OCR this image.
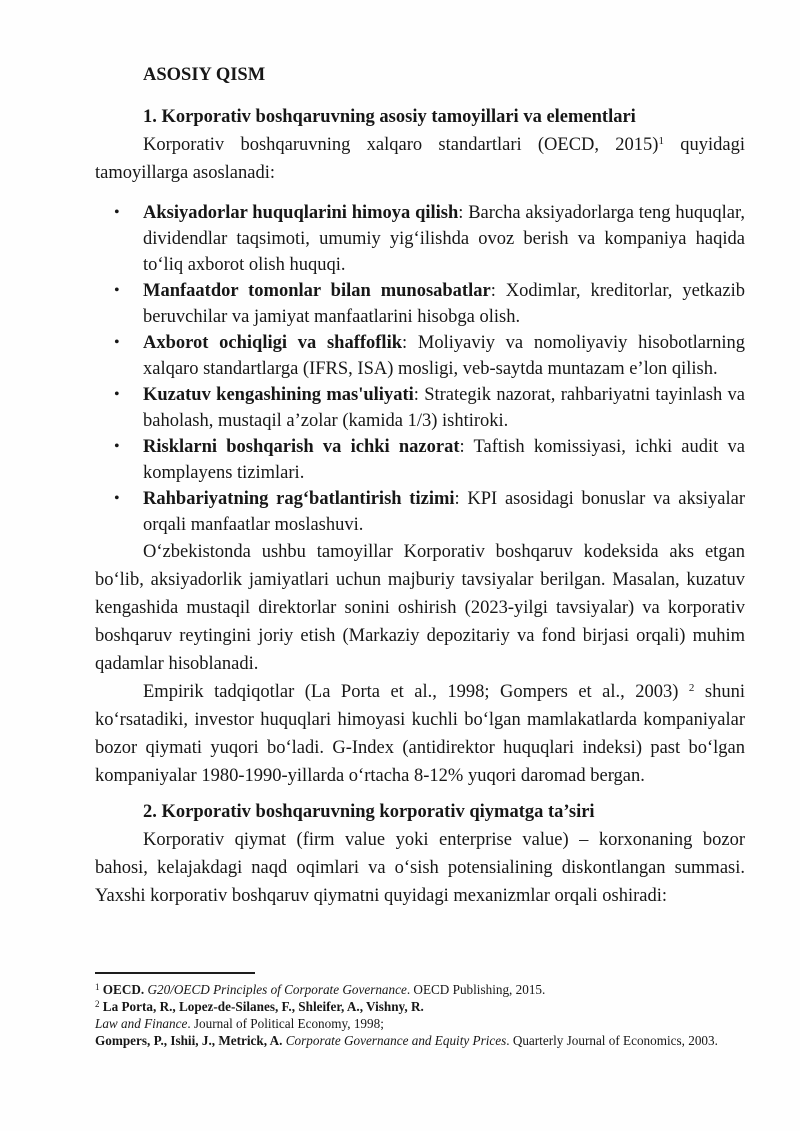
ASOSIY QISM
1. Korporativ boshqaruvning asosiy tamoyillari va elementlari

Korporativ boshqaruvning xalqaro standartlari (OECD, 2015)$^1$ quyidagi tamoyillarga asoslanadi:

• Aksiyadorlar huquqlarini himoya qilish: Barcha aksiyadorlarga teng huquqlar, dividendlar taqsimoti, umumiy yigʻilishda ovoz berish va kompaniya haqida toʻliq axborot olish huquqi.
• Manfaatdor tomonlar bilan munosabatlar: Xodimlar, kreditorlar, yetkazib beruvchilar va jamiyat manfaatlarini hisobga olish.
• Axborot ochiqligi va shaffoflik: Moliyaviy va nomoliyaviy hisobotlarning xalqaro standartlarga (IFRS, ISA) mosligi, veb-saytda muntazam e’lon qilish.
• Kuzatuv kengashining mas'uliyati: Strategik nazorat, rahbariyatni tayinlash va baholash, mustaqil a’zolar (kamida 1/3) ishtiroki.
• Risklarni boshqarish va ichki nazorat: Taftish komissiyasi, ichki audit va komplayens tizimlari.
• Rahbariyatning ragʻbatlantirish tizimi: KPI asosidagi bonuslar va aksiyalar orqali manfaatlar moslashuvi.

Oʻzbekistonda ushbu tamoyillar Korporativ boshqaruv kodeksida aks etgan boʻlib, aksiyadorlik jamiyatlari uchun majburiy tavsiyalar berilgan. Masalan, kuzatuv kengashida mustaqil direktorlar sonini oshirish (2023-yilgi tavsiyalar) va korporativ boshqaruv reytingini joriy etish (Markaziy depozitariy va fond birjasi orqali) muhim qadamlar hisoblanadi.

Empirik tadqiqotlar (La Porta et al., 1998; Gompers et al., 2003) $^2$ shuni koʻrsatadiki, investor huquqlari himoyasi kuchli boʻlgan mamlakatlarda kompaniyalar bozor qiymati yuqori boʻladi. G-Index (antidirektor huquqlari indeksi) past boʻlgan kompaniyalar 1980-1990-yillarda oʻrtacha 8-12% yuqori daromad bergan.

2. Korporativ boshqaruvning korporativ qiymatga ta’siri

Korporativ qiymat (firm value yoki enterprise value) – korxonaning bozor bahosi, kelajakdagi naqd oqimlari va oʻsish potensialining diskontlangan summasi. Yaxshi korporativ boshqaruv qiymatni quyidagi mexanizmlar orqali oshiradi:

$^1$ OECD. G20/OECD Principles of Corporate Governance. OECD Publishing, 2015.
$^2$ La Porta, R., Lopez-de-Silanes, F., Shleifer, A., Vishny, R.
Law and Finance. Journal of Political Economy, 1998;
Gompers, P., Ishii, J., Metrick, A. Corporate Governance and Equity Prices. Quarterly Journal of Economics, 2003.
